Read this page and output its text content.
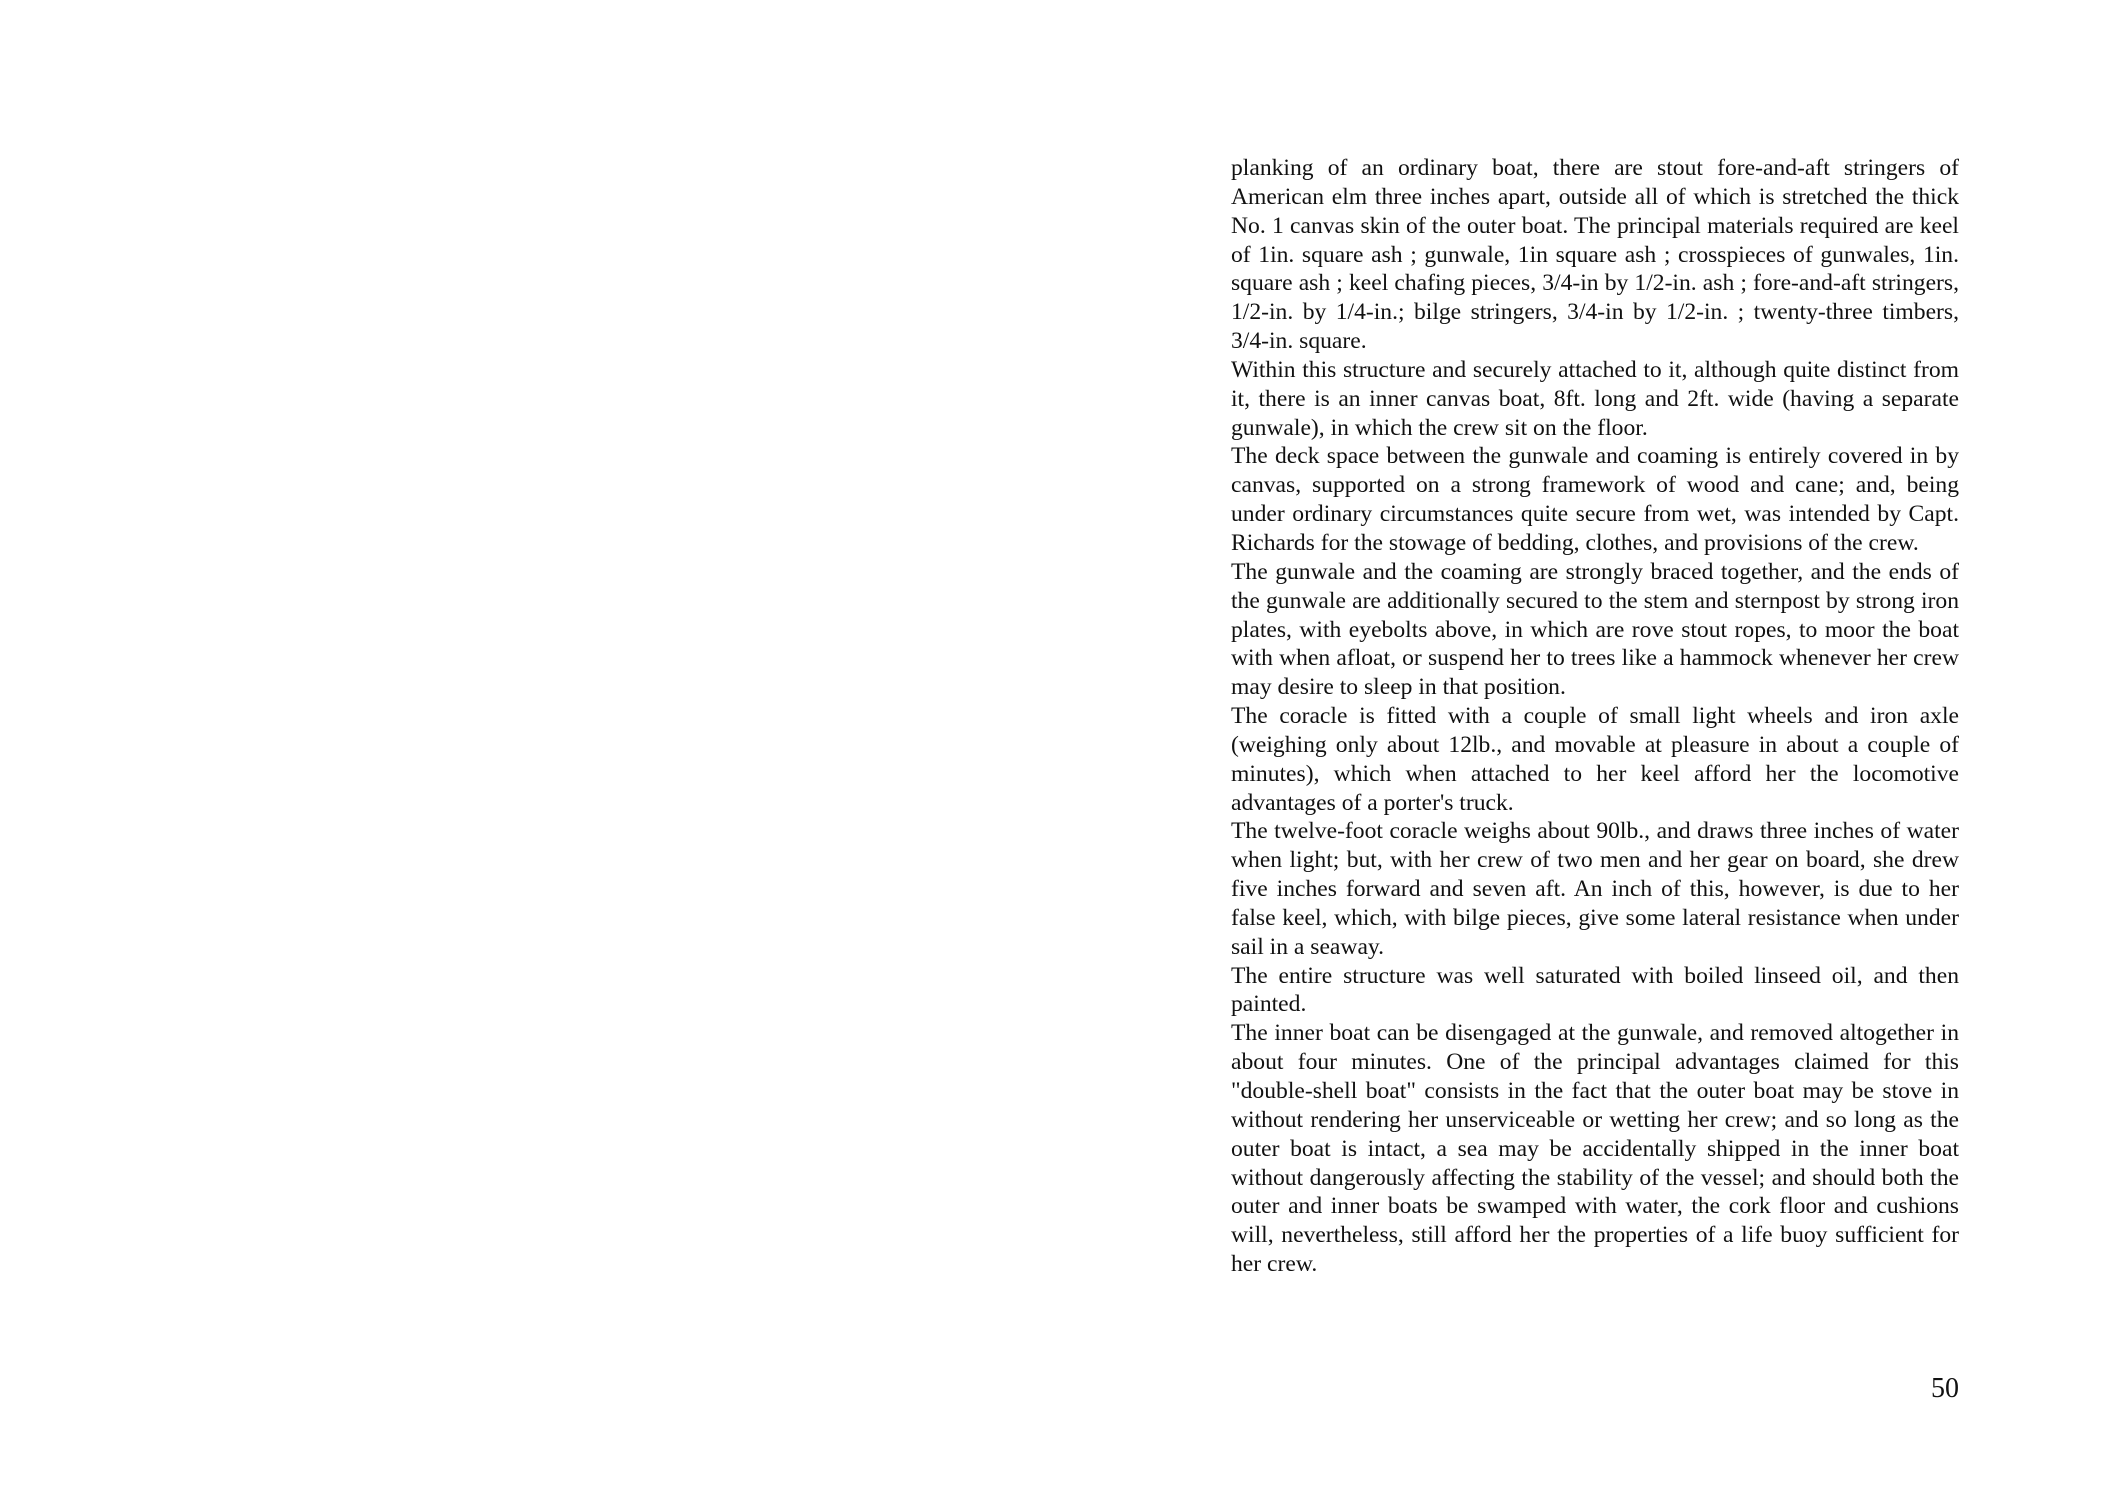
planking of an ordinary boat, there are stout fore-and-aft stringers of American elm three inches apart, outside all of which is stretched the thick No. 1 canvas skin of the outer boat. The principal materials required are keel of 1in. square ash ; gunwale, 1in square ash ; crosspieces of gunwales, 1in. square ash ; keel chafing pieces, 3/4-in by 1/2-in. ash ; fore-and-aft stringers, 1/2-in. by 1/4-in.; bilge stringers, 3/4-in by 1/2-in. ; twenty-three timbers, 3/4-in. square.

Within this structure and securely attached to it, although quite distinct from it, there is an inner canvas boat, 8ft. long and 2ft. wide (having a separate gunwale), in which the crew sit on the floor.

The deck space between the gunwale and coaming is entirely covered in by canvas, supported on a strong framework of wood and cane; and, being under ordinary circumstances quite secure from wet, was intended by Capt. Richards for the stowage of bedding, clothes, and provisions of the crew.

The gunwale and the coaming are strongly braced together, and the ends of the gunwale are additionally secured to the stem and sternpost by strong iron plates, with eyebolts above, in which are rove stout ropes, to moor the boat with when afloat, or suspend her to trees like a hammock whenever her crew may desire to sleep in that position.

The coracle is fitted with a couple of small light wheels and iron axle (weighing only about 12lb., and movable at pleasure in about a couple of minutes), which when attached to her keel afford her the locomotive advantages of a porter's truck.

The twelve-foot coracle weighs about 90lb., and draws three inches of water when light; but, with her crew of two men and her gear on board, she drew five inches forward and seven aft. An inch of this, however, is due to her false keel, which, with bilge pieces, give some lateral resistance when under sail in a seaway.

The entire structure was well saturated with boiled linseed oil, and then painted.

The inner boat can be disengaged at the gunwale, and removed altogether in about four minutes. One of the principal advantages claimed for this "double-shell boat" consists in the fact that the outer boat may be stove in without rendering her unserviceable or wetting her crew; and so long as the outer boat is intact, a sea may be accidentally shipped in the inner boat without dangerously affecting the stability of the vessel; and should both the outer and inner boats be swamped with water, the cork floor and cushions will, nevertheless, still afford her the properties of a life buoy sufficient for her crew.

50
